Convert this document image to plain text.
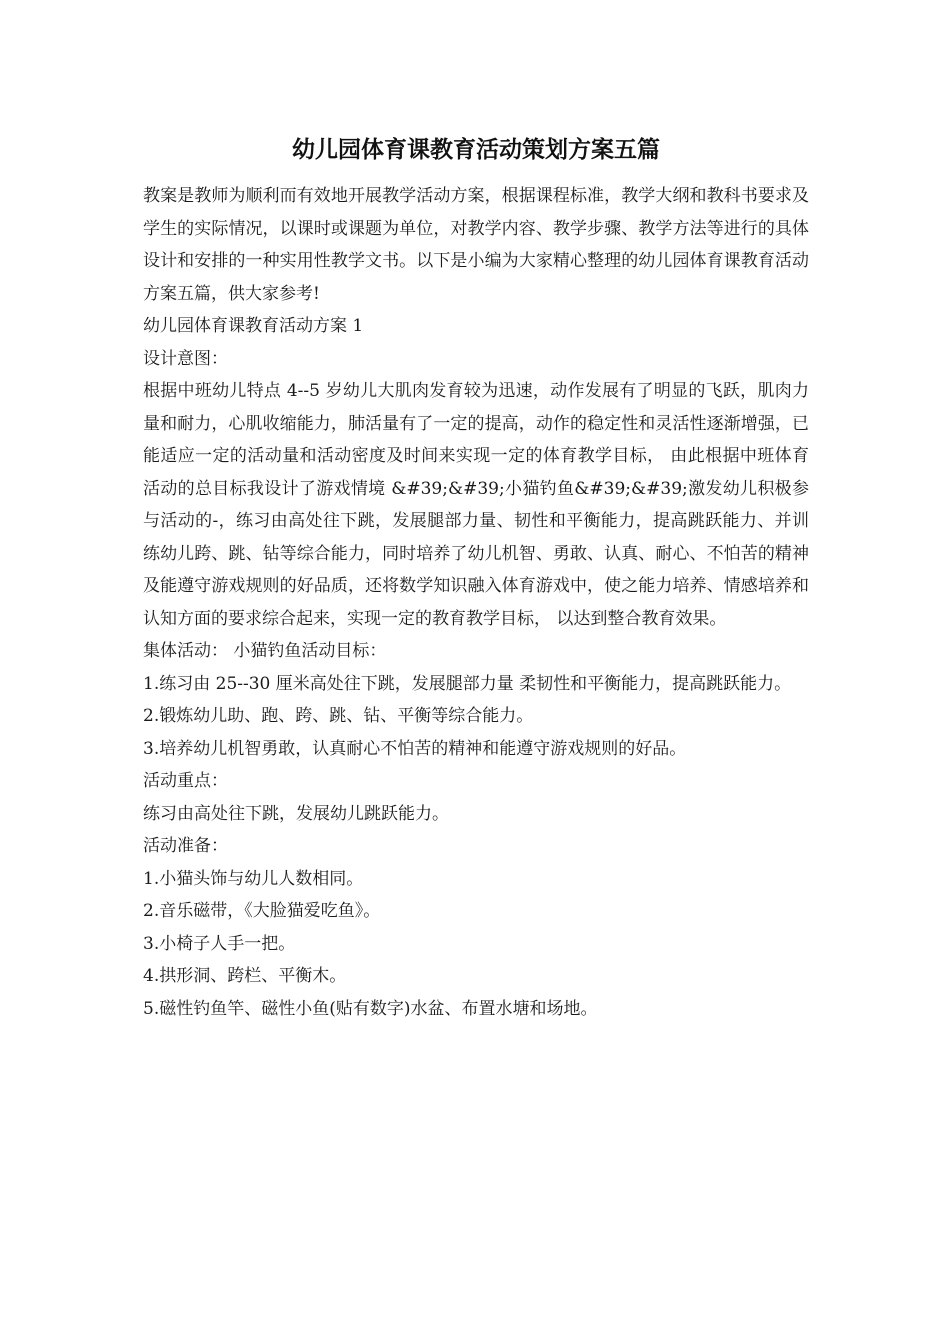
幼儿园体育课教育活动策划方案五篇

教案是教师为顺利而有效地开展教学活动方案，根据课程标准，教学大纲和教科书要求及学生的实际情况，以课时或课题为单位，对教学内容、教学步骤、教学方法等进行的具体设计和安排的一种实用性教学文书。以下是小编为大家精心整理的幼儿园体育课教育活动方案五篇，供大家参考!

幼儿园体育课教育活动方案 1

设计意图：

根据中班幼儿特点 4--5 岁幼儿大肌肉发育较为迅速，动作发展有了明显的飞跃，肌肉力量和耐力，心肌收缩能力，肺活量有了一定的提高，动作的稳定性和灵活性逐渐增强，已能适应一定的活动量和活动密度及时间来实现一定的体育教学目标， 由此根据中班体育活动的总目标我设计了游戏情境 &#39;&#39;小猫钓鱼&#39;&#39;激发幼儿积极参与活动的-，练习由高处往下跳，发展腿部力量、韧性和平衡能力，提高跳跃能力、并训练幼儿跨、跳、钻等综合能力，同时培养了幼儿机智、勇敢、认真、耐心、不怕苦的精神及能遵守游戏规则的好品质，还将数学知识融入体育游戏中，使之能力培养、情感培养和认知方面的要求综合起来，实现一定的教育教学目标， 以达到整合教育效果。

集体活动： 小猫钓鱼活动目标：

1.练习由 25--30 厘米高处往下跳，发展腿部力量 柔韧性和平衡能力，提高跳跃能力。

2.锻炼幼儿助、跑、跨、跳、钻、平衡等综合能力。

3.培养幼儿机智勇敢，认真耐心不怕苦的精神和能遵守游戏规则的好品。

活动重点：

练习由高处往下跳，发展幼儿跳跃能力。

活动准备：

1.小猫头饰与幼儿人数相同。

2.音乐磁带，《大脸猫爱吃鱼》。

3.小椅子人手一把。

4.拱形洞、跨栏、平衡木。

5.磁性钓鱼竿、磁性小鱼(贴有数字)水盆、布置水塘和场地。
